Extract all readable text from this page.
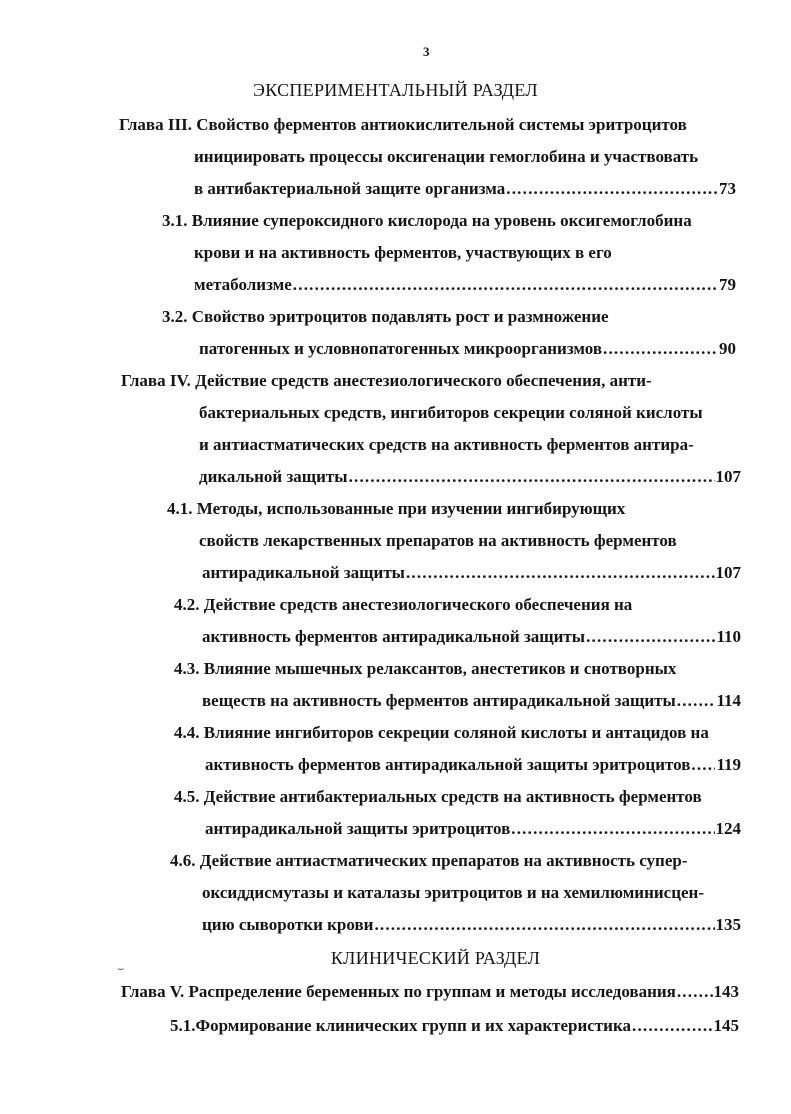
3
ЭКСПЕРИМЕНТАЛЬНЫЙ РАЗДЕЛ
Глава III. Свойство ферментов антиокислительной системы эритроцитов
инициировать процессы оксигенации гемоглобина и участвовать
в антибактериальной защите организма .....	73
3.1. Влияние супероксидного кислорода на уровень оксигемоглобина
крови и на активность ферментов, участвующих в его
метаболизме .....	79
3.2. Свойство эритроцитов подавлять рост и размножение
патогенных и условнопатогенных микроорганизмов .....	90
Глава IV. Действие средств анестезиологического обеспечения, анти-
бактериальных средств, ингибиторов секреции соляной кислоты
и антиастматических средств на активность ферментов антира-
дикальной защиты .....	107
4.1. Методы, использованные при изучении ингибирующих
свойств лекарственных препаратов на активность ферментов
антирадикальной защиты .....	107
4.2. Действие средств анестезиологического обеспечения на
активность ферментов антирадикальной защиты .....	110
4.3. Влияние мышечных релаксантов, анестетиков и снотворных
веществ на активность ферментов антирадикальной защиты ..... 114
4.4. Влияние ингибиторов секреции соляной кислоты и антацидов на
активность ферментов антирадикальной защиты эритроцитов ..... 119
4.5. Действие антибактериальных средств на активность ферментов
антирадикальной защиты эритроцитов .....	124
4.6. Действие антиастматических препаратов на активность супер-
оксиддисмутазы и каталазы эритроцитов и на хемилюминисцен-
цию сыворотки крови .....	135
КЛИНИЧЕСКИЙ РАЗДЕЛ
⌣
Глава V. Распределение беременных по группам и методы исследования ..... 143
5.1.Формирование клинических групп и их характеристика .....	145
